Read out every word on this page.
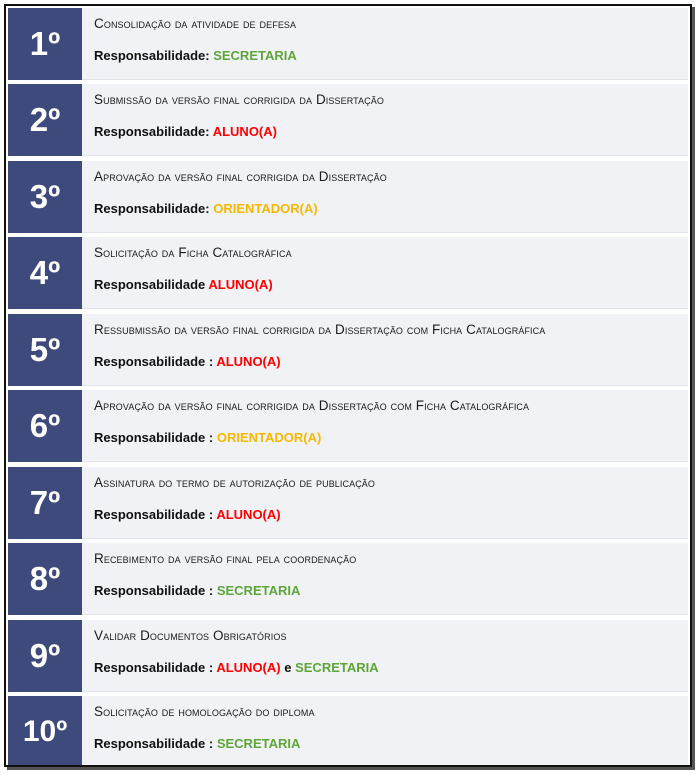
1º
Consolidação da atividade de defesa
Responsabilidade: SECRETARIA
2º
Submissão da versão final corrigida da Dissertação
Responsabilidade: ALUNO(A)
3º
Aprovação da versão final corrigida da Dissertação
Responsabilidade: ORIENTADOR(A)
4º
Solicitação da Ficha Catalográfica
Responsabilidade ALUNO(A)
5º
Ressubmissão da versão final corrigida da Dissertação com Ficha Catalográfica
Responsabilidade : ALUNO(A)
6º
Aprovação da versão final corrigida da Dissertação com Ficha Catalográfica
Responsabilidade : ORIENTADOR(A)
7º
Assinatura do termo de autorização de publicação
Responsabilidade : ALUNO(A)
8º
Recebimento da versão final pela coordenação
Responsabilidade : SECRETARIA
9º
Validar Documentos Obrigatórios
Responsabilidade : ALUNO(A) e SECRETARIA
10º
Solicitação de homologação do diploma
Responsabilidade : SECRETARIA
